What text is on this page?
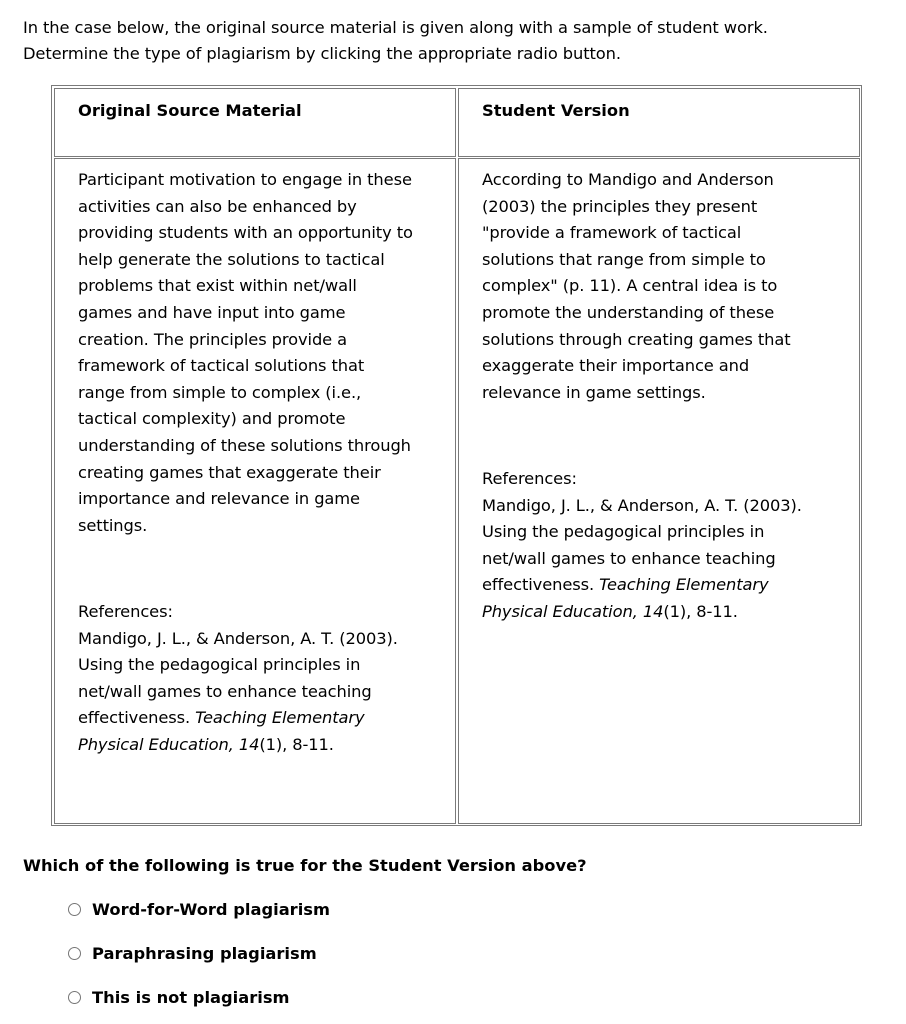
In the case below, the original source material is given along with a sample of student work.
Determine the type of plagiarism by clicking the appropriate radio button.
Original Source Material	Student Version

Participant motivation to engage in these

activities can also be enhanced by

providing students with an opportunity to

help generate the solutions to tactical

problems that exist within net/wall

games and have input into game

creation. The principles provide a

framework of tactical solutions that

range from simple to complex (i.e.,

tactical complexity) and promote

understanding of these solutions through

creating games that exaggerate their

importance and relevance in game

settings.

References:

Mandigo, J. L., & Anderson, A. T. (2003).

Using the pedagogical principles in

net/wall games to enhance teaching

effectiveness. Teaching Elementary

Physical Education, 14(1), 8-11.

According to Mandigo and Anderson

(2003) the principles they present

"provide a framework of tactical

solutions that range from simple to

complex" (p. 11). A central idea is to

promote the understanding of these

solutions through creating games that

exaggerate their importance and

relevance in game settings.

References:

Mandigo, J. L., & Anderson, A. T. (2003).

Using the pedagogical principles in

net/wall games to enhance teaching

effectiveness. Teaching Elementary

Physical Education, 14(1), 8-11.

Which of the following is true for the Student Version above?
Word-for-Word plagiarism
Paraphrasing plagiarism
This is not plagiarism
